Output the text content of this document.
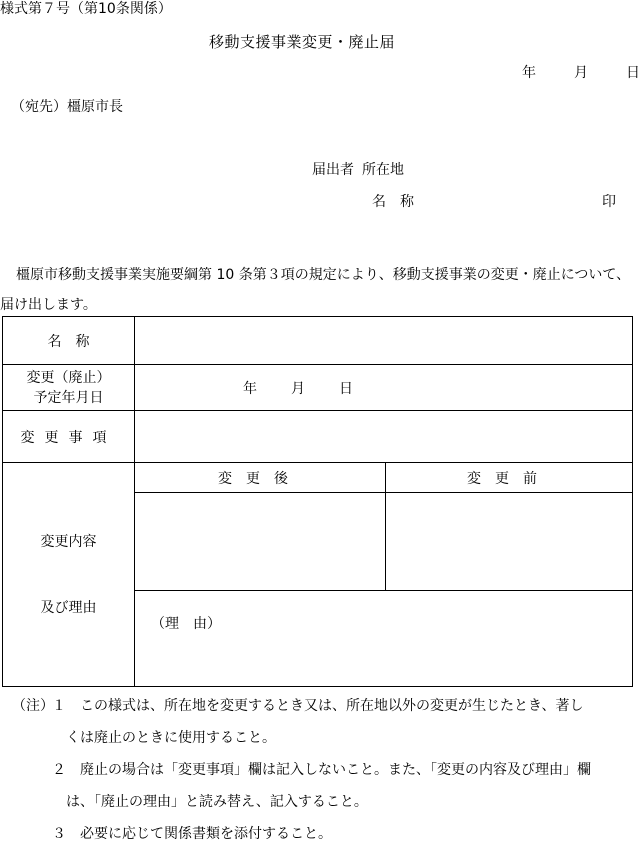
様式第７号（第10条関係）
移動支援事業変更・廃止届
年	月	日
（宛先）橿原市長
届出者 所在地
名　称	印
橿原市移動支援事業実施要綱第 10 条第３項の規定により、移動支援事業の変更・廃止について、届け出します。
名　称		

変更（廃止）
予定年月日	年 月 日	
変更事項		

変更内容
及び理由	変更後	変更前

	（理　由）	
（注）
１ この様式は、所在地を変更するとき又は、所在地以外の変更が生じたとき、著し
くは廃止のときに使用すること。
２ 廃止の場合は「変更事項」欄は記入しないこと。また、「変更の内容及び理由」欄
は、「廃止の理由」と読み替え、記入すること。
３ 必要に応じて関係書類を添付すること。
